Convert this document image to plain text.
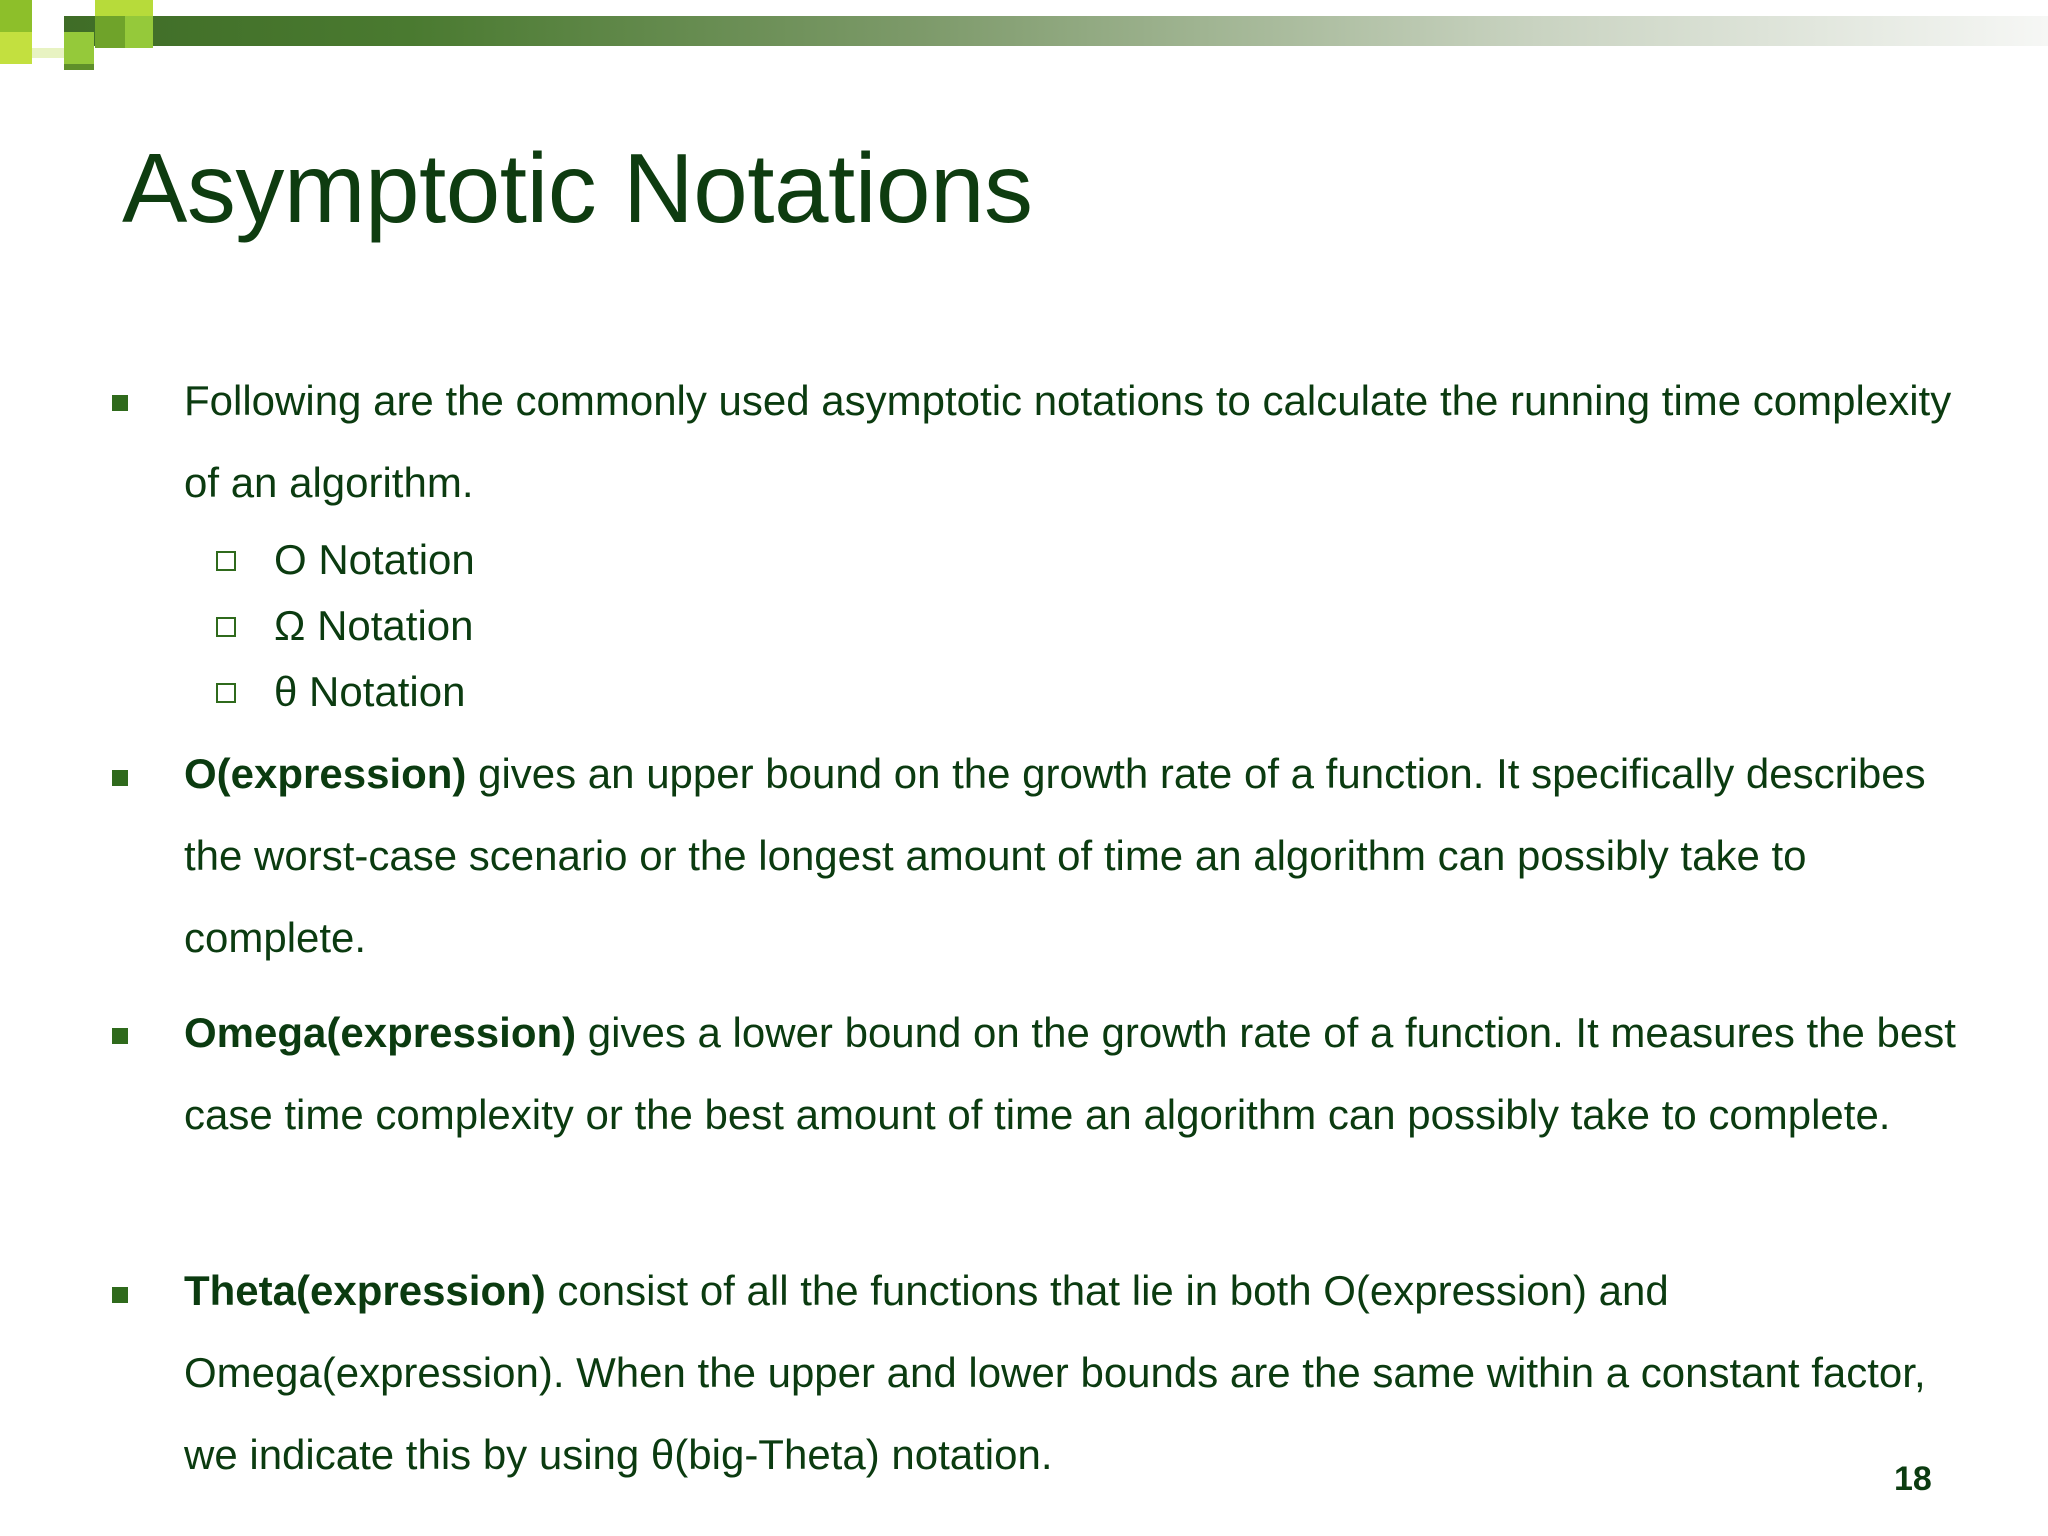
Asymptotic Notations
Following are the commonly used asymptotic notations to calculate the running time complexity of an algorithm.
O Notation
Ω Notation
θ Notation
O(expression) gives an upper bound on the growth rate of a function. It specifically describes the worst-case scenario or the longest amount of time an algorithm can possibly take to complete.
Omega(expression) gives a lower bound on the growth rate of a function. It measures the best case time complexity or the best amount of time an algorithm can possibly take to complete.
Theta(expression) consist of all the functions that lie in both O(expression) and Omega(expression). When the upper and lower bounds are the same within a constant factor, we indicate this by using θ(big-Theta) notation.
18
